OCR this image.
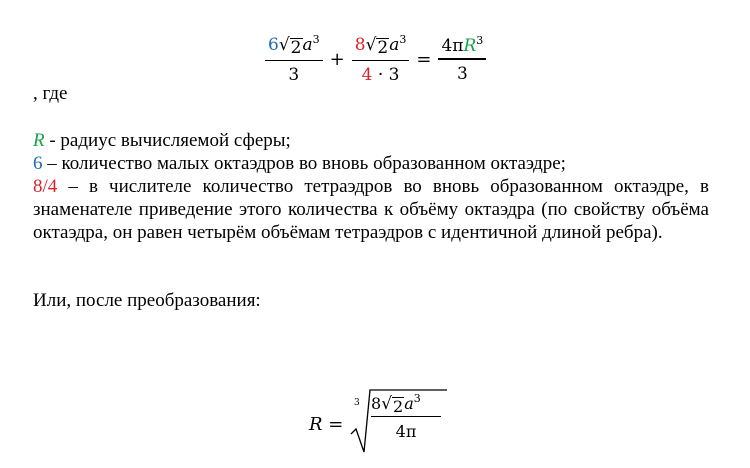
$\frac{6 √ 2 a^3}{3} + \frac{8 √ 2 a^3}{4 \cdot 3} = \frac{4\pi R^3}{3}$
, где
R - радиус вычисляемой сферы;
6 – количество малых октаэдров во вновь образованном октаэдре;
8/4 – в числителе количество тетраэдров во вновь образованном октаэдре, в знаменателе приведение этого количества к объёму октаэдра (по свойству объёма октаэдра, он равен четырём объёмам тетраэдров с идентичной длиной ребра).
Или, после преобразования:
R =
3 8 √ 2 $a^3$
4π
